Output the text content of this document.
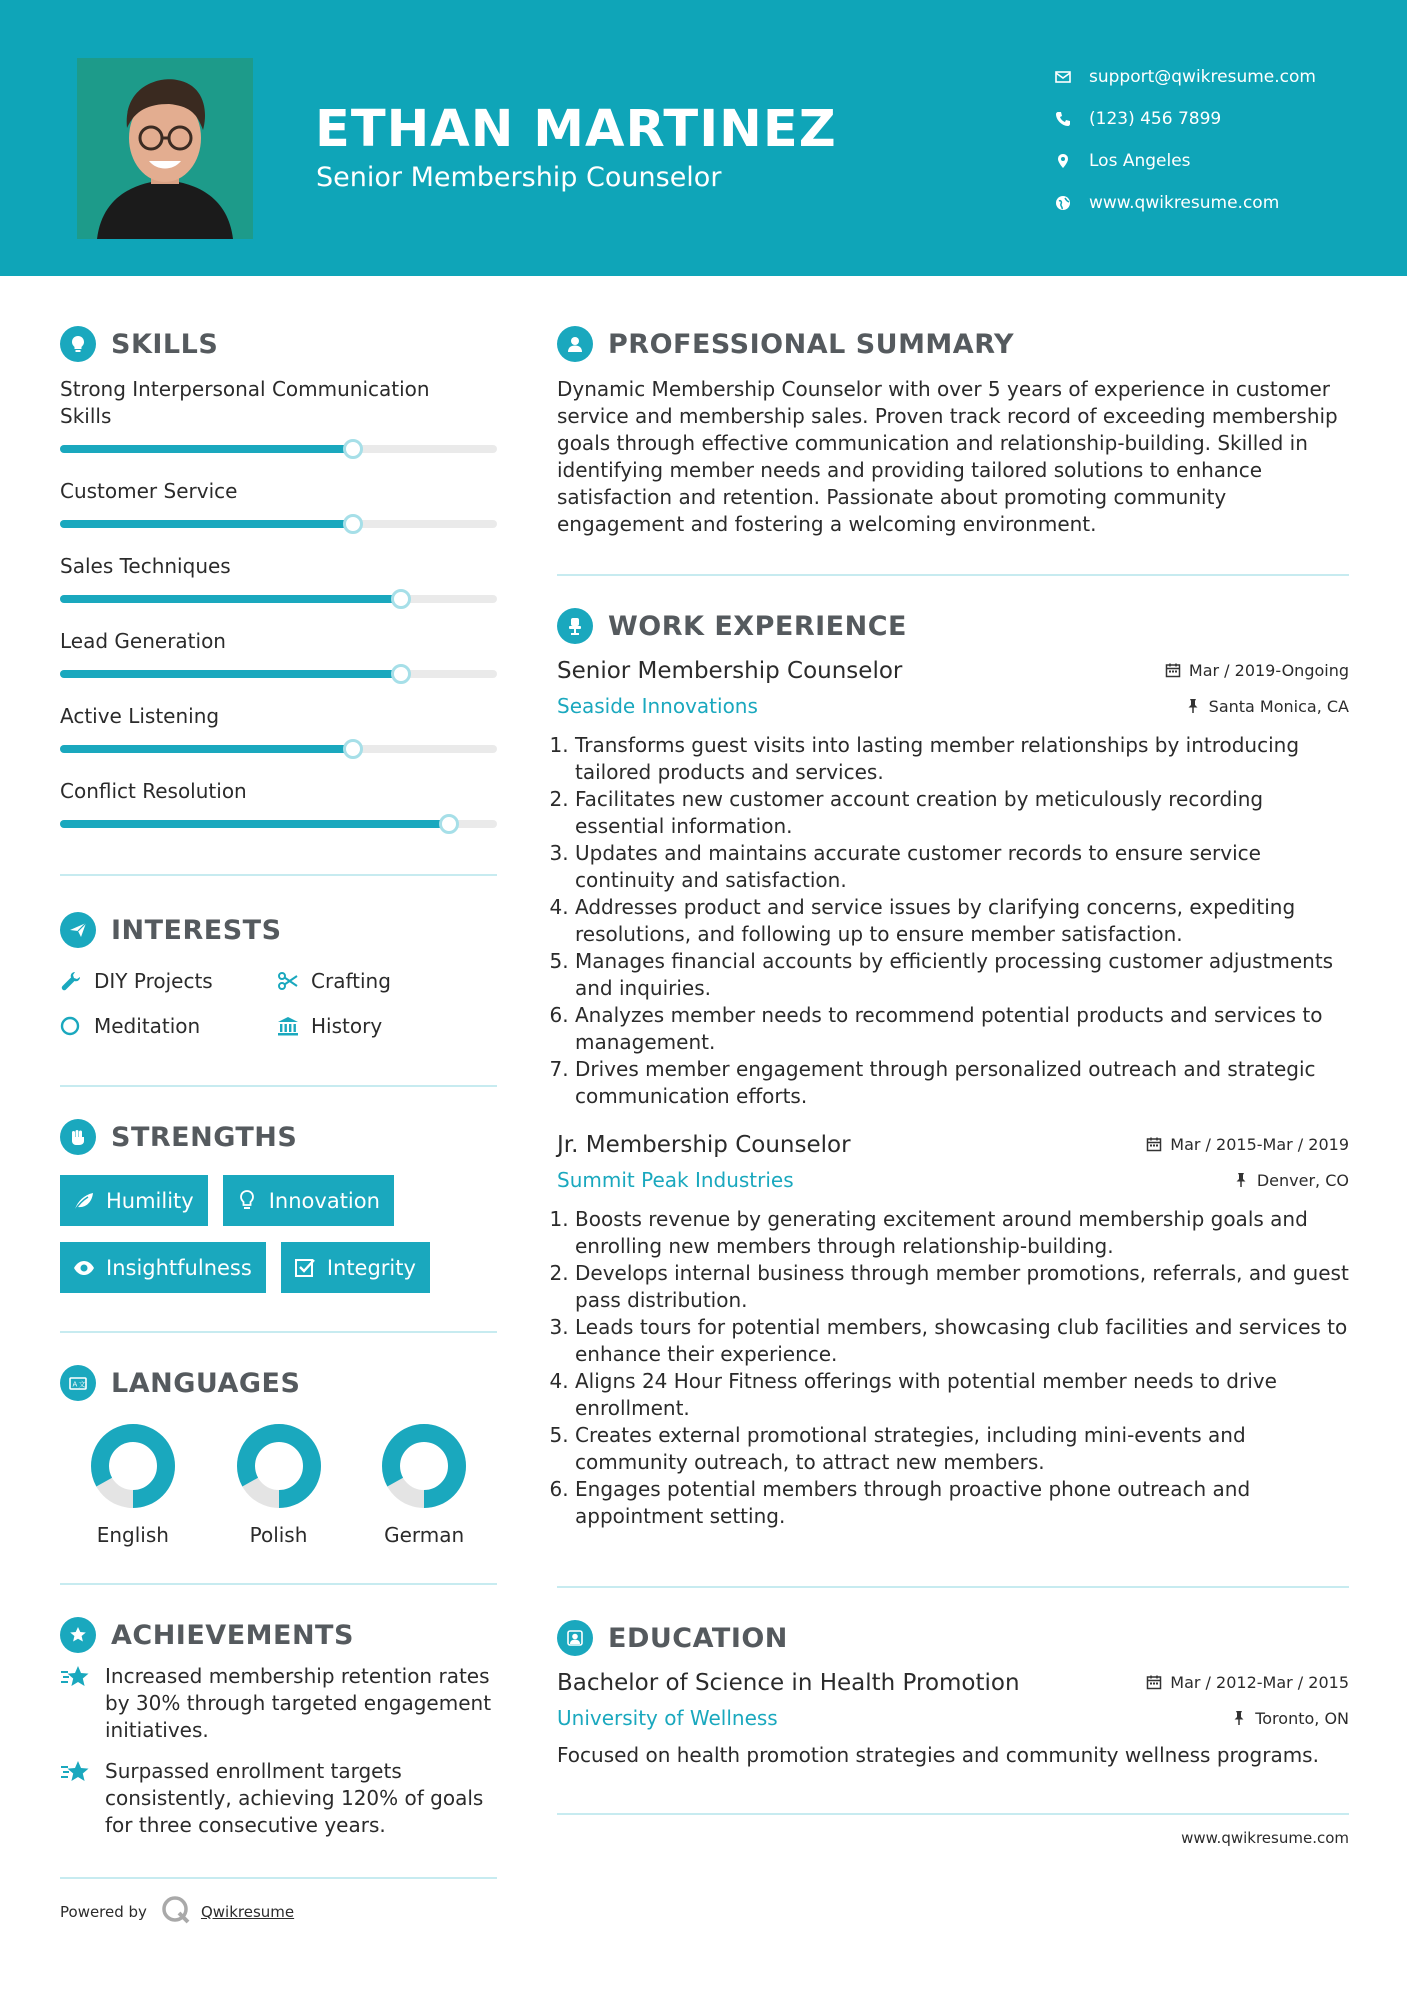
ETHAN MARTINEZ
Senior Membership Counselor
support@qwikresume.com
(123) 456 7899
Los Angeles
www.qwikresume.com
SKILLS
Strong Interpersonal Communication Skills
Customer Service
Sales Techniques
Lead Generation
Active Listening
Conflict Resolution
INTERESTS
DIY Projects	Crafting
Meditation	History
STRENGTHS
Humility	Innovation
Insightfulness	Integrity
A 文 LANGUAGES
English	Polish	German
ACHIEVEMENTS
Increased membership retention rates by 30% through targeted engagement initiatives.
Surpassed enrollment targets consistently, achieving 120% of goals for three consecutive years.
Powered by	Qwikresume
PROFESSIONAL SUMMARY
Dynamic Membership Counselor with over 5 years of experience in customer service and membership sales. Proven track record of exceeding membership goals through effective communication and relationship-building. Skilled in identifying member needs and providing tailored solutions to enhance satisfaction and retention. Passionate about promoting community engagement and fostering a welcoming environment.
WORK EXPERIENCE
Senior Membership Counselor	Mar / 2019-Ongoing
Seaside Innovations	Santa Monica, CA
1. Transforms guest visits into lasting member relationships by introducing tailored products and services.
2. Facilitates new customer account creation by meticulously recording essential information.
3. Updates and maintains accurate customer records to ensure service continuity and satisfaction.
4. Addresses product and service issues by clarifying concerns, expediting resolutions, and following up to ensure member satisfaction.
5. Manages financial accounts by efficiently processing customer adjustments and inquiries.
6. Analyzes member needs to recommend potential products and services to management.
7. Drives member engagement through personalized outreach and strategic communication efforts.
Jr. Membership Counselor	Mar / 2015-Mar / 2019
Summit Peak Industries	Denver, CO
1. Boosts revenue by generating excitement around membership goals and enrolling new members through relationship-building.
2. Develops internal business through member promotions, referrals, and guest pass distribution.
3. Leads tours for potential members, showcasing club facilities and services to enhance their experience.
4. Aligns 24 Hour Fitness offerings with potential member needs to drive enrollment.
5. Creates external promotional strategies, including mini-events and community outreach, to attract new members.
6. Engages potential members through proactive phone outreach and appointment setting.
EDUCATION
Bachelor of Science in Health Promotion	Mar / 2012-Mar / 2015
University of Wellness	Toronto, ON
Focused on health promotion strategies and community wellness programs.
www.qwikresume.com
